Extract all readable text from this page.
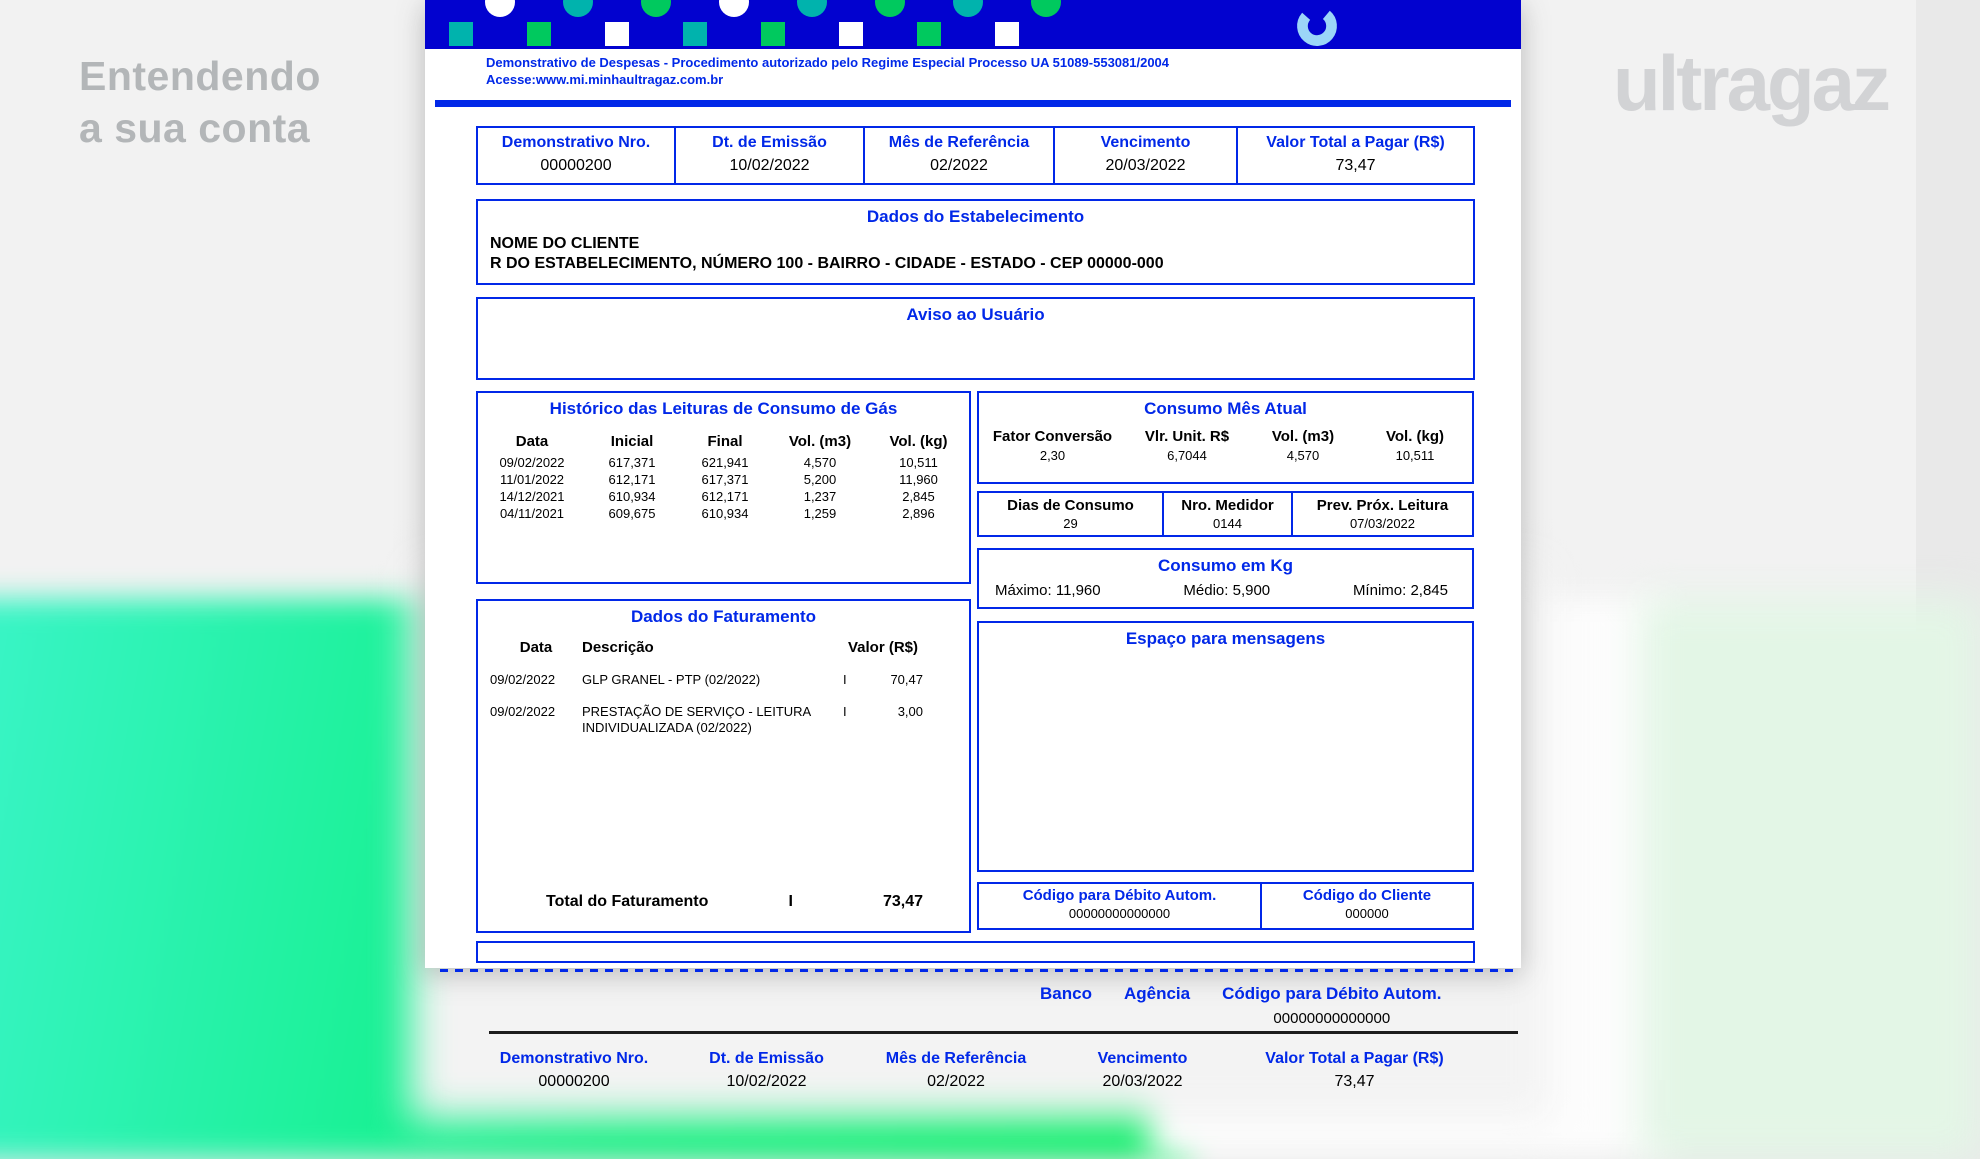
Entendendo
a sua conta
ultragaz
Demonstrativo de Despesas - Procedimento autorizado pelo Regime Especial Processo UA 51089-553081/2004
Acesse:www.mi.minhaultragaz.com.br
Demonstrativo Nro.
00000200
Dt. de Emissão
10/02/2022
Mês de Referência
02/2022
Vencimento
20/03/2022
Valor Total a Pagar (R$)
73,47
Dados do Estabelecimento
NOME DO CLIENTE
R DO ESTABELECIMENTO, NÚMERO 100 - BAIRRO - CIDADE - ESTADO - CEP 00000-000
Aviso ao Usuário
Histórico das Leituras de Consumo de Gás
Data	Inicial	Final	Vol. (m3)	Vol. (kg)
09/02/2022	617,371	621,941	4,570	10,511
11/01/2022	612,171	617,371	5,200	11,960
14/12/2021	610,934	612,171	1,237	2,845
04/11/2021	609,675	610,934	1,259	2,896
Dados do Faturamento
Data	Descrição	Valor (R$)
09/02/2022	GLP GRANEL - PTP (02/2022)	I	70,47
09/02/2022	PRESTAÇÃO DE SERVIÇO - LEITURA INDIVIDUALIZADA (02/2022)
I	3,00
Total do Faturamento	I	73,47
Consumo Mês Atual
Fator Conversão	Vlr. Unit. R$	Vol. (m3)	Vol. (kg)
2,30	6,7044	4,570	10,511
Dias de Consumo
29
Nro. Medidor
0144
Prev. Próx. Leitura
07/03/2022
Consumo em Kg
Máximo: 11,960	Médio: 5,900	Mínimo: 2,845
Espaço para mensagens
Código para Débito Autom.
00000000000000
Código do Cliente
000000
Banco Agência Código para Débito Autom.
00000000000000
Demonstrativo Nro.
00000200
Dt. de Emissão
10/02/2022
Mês de Referência
02/2022
Vencimento
20/03/2022
Valor Total a Pagar (R$)
73,47
